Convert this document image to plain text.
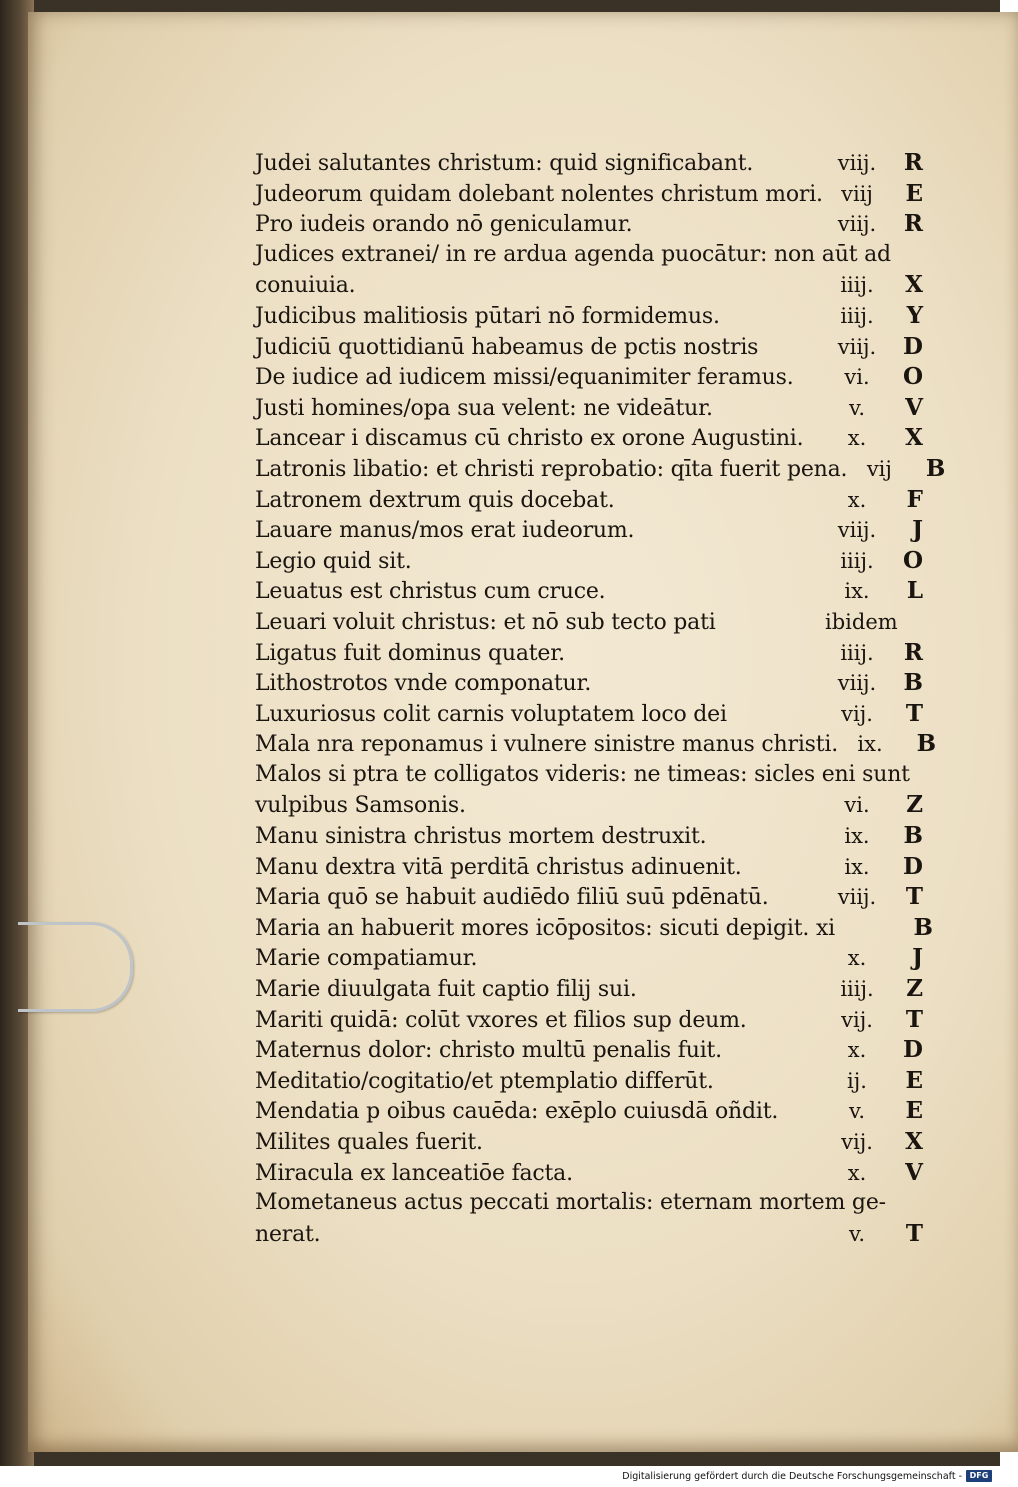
Judei salutantes christum: quid significabant.	viij.	R
Judeorum quidam dolebant nolentes christum mori. viij	E
Pro iudeis orando nō geniculamur.	viij.	R
Judices extranei/ in re ardua agenda puocātur: non aūt ad
conuiuia.	iiij.	X
Judicibus malitiosis pūtari nō formidemus.	iiij.	Y
Judiciū quottidianū habeamus de pctis nostris	viij.	D
De iudice ad iudicem missi/equanimiter feramus.	vi.	O
Justi homines/opa sua velent: ne videātur.	v.	V
Lancear i discamus cū christo ex orone Augustini.	x.	X
Latronis libatio: et christi reprobatio: qīta fuerit pena. vij	B
Latronem dextrum quis docebat.	x.	F
Lauare manus/mos erat iudeorum.	viij.	J
Legio quid sit.	iiij.	O
Leuatus est christus cum cruce.	ix.	L
Leuari voluit christus: et nō sub tecto pati	ibidem
Ligatus fuit dominus quater.	iiij.	R
Lithostrotos vnde componatur.	viij.	B
Luxuriosus colit carnis voluptatem loco dei	vij.	T
Mala nra reponamus i vulnere sinistre manus christi. ix.	B
Malos si ptra te colligatos videris: ne timeas: sicles eni sunt
vulpibus Samsonis.	vi.	Z
Manu sinistra christus mortem destruxit.	ix.	B
Manu dextra vitā perditā christus adinuenit.	ix.	D
Maria quō se habuit audiēdo filiū suū pdēnatū.	viij.	T
Maria an habuerit mores icōpositos: sicuti depigit. xi	B
Marie compatiamur.	x.	J
Marie diuulgata fuit captio filij sui.	iiij.	Z
Mariti quidā: colūt vxores et filios sup deum.	vij.	T
Maternus dolor: christo multū penalis fuit.	x.	D
Meditatio/cogitatio/et ptemplatio differūt.	ij.	E
Mendatia p oibus cauēda: exēplo cuiusdā oñdit.	v.	E
Milites quales fuerit.	vij.	X
Miracula ex lanceatiōe facta.	x.	V
Mometaneus actus peccati mortalis: eternam mortem ge-
nerat.	v.	T
Digitalisierung gefördert durch die Deutsche Forschungsgemeinschaft - DFG
